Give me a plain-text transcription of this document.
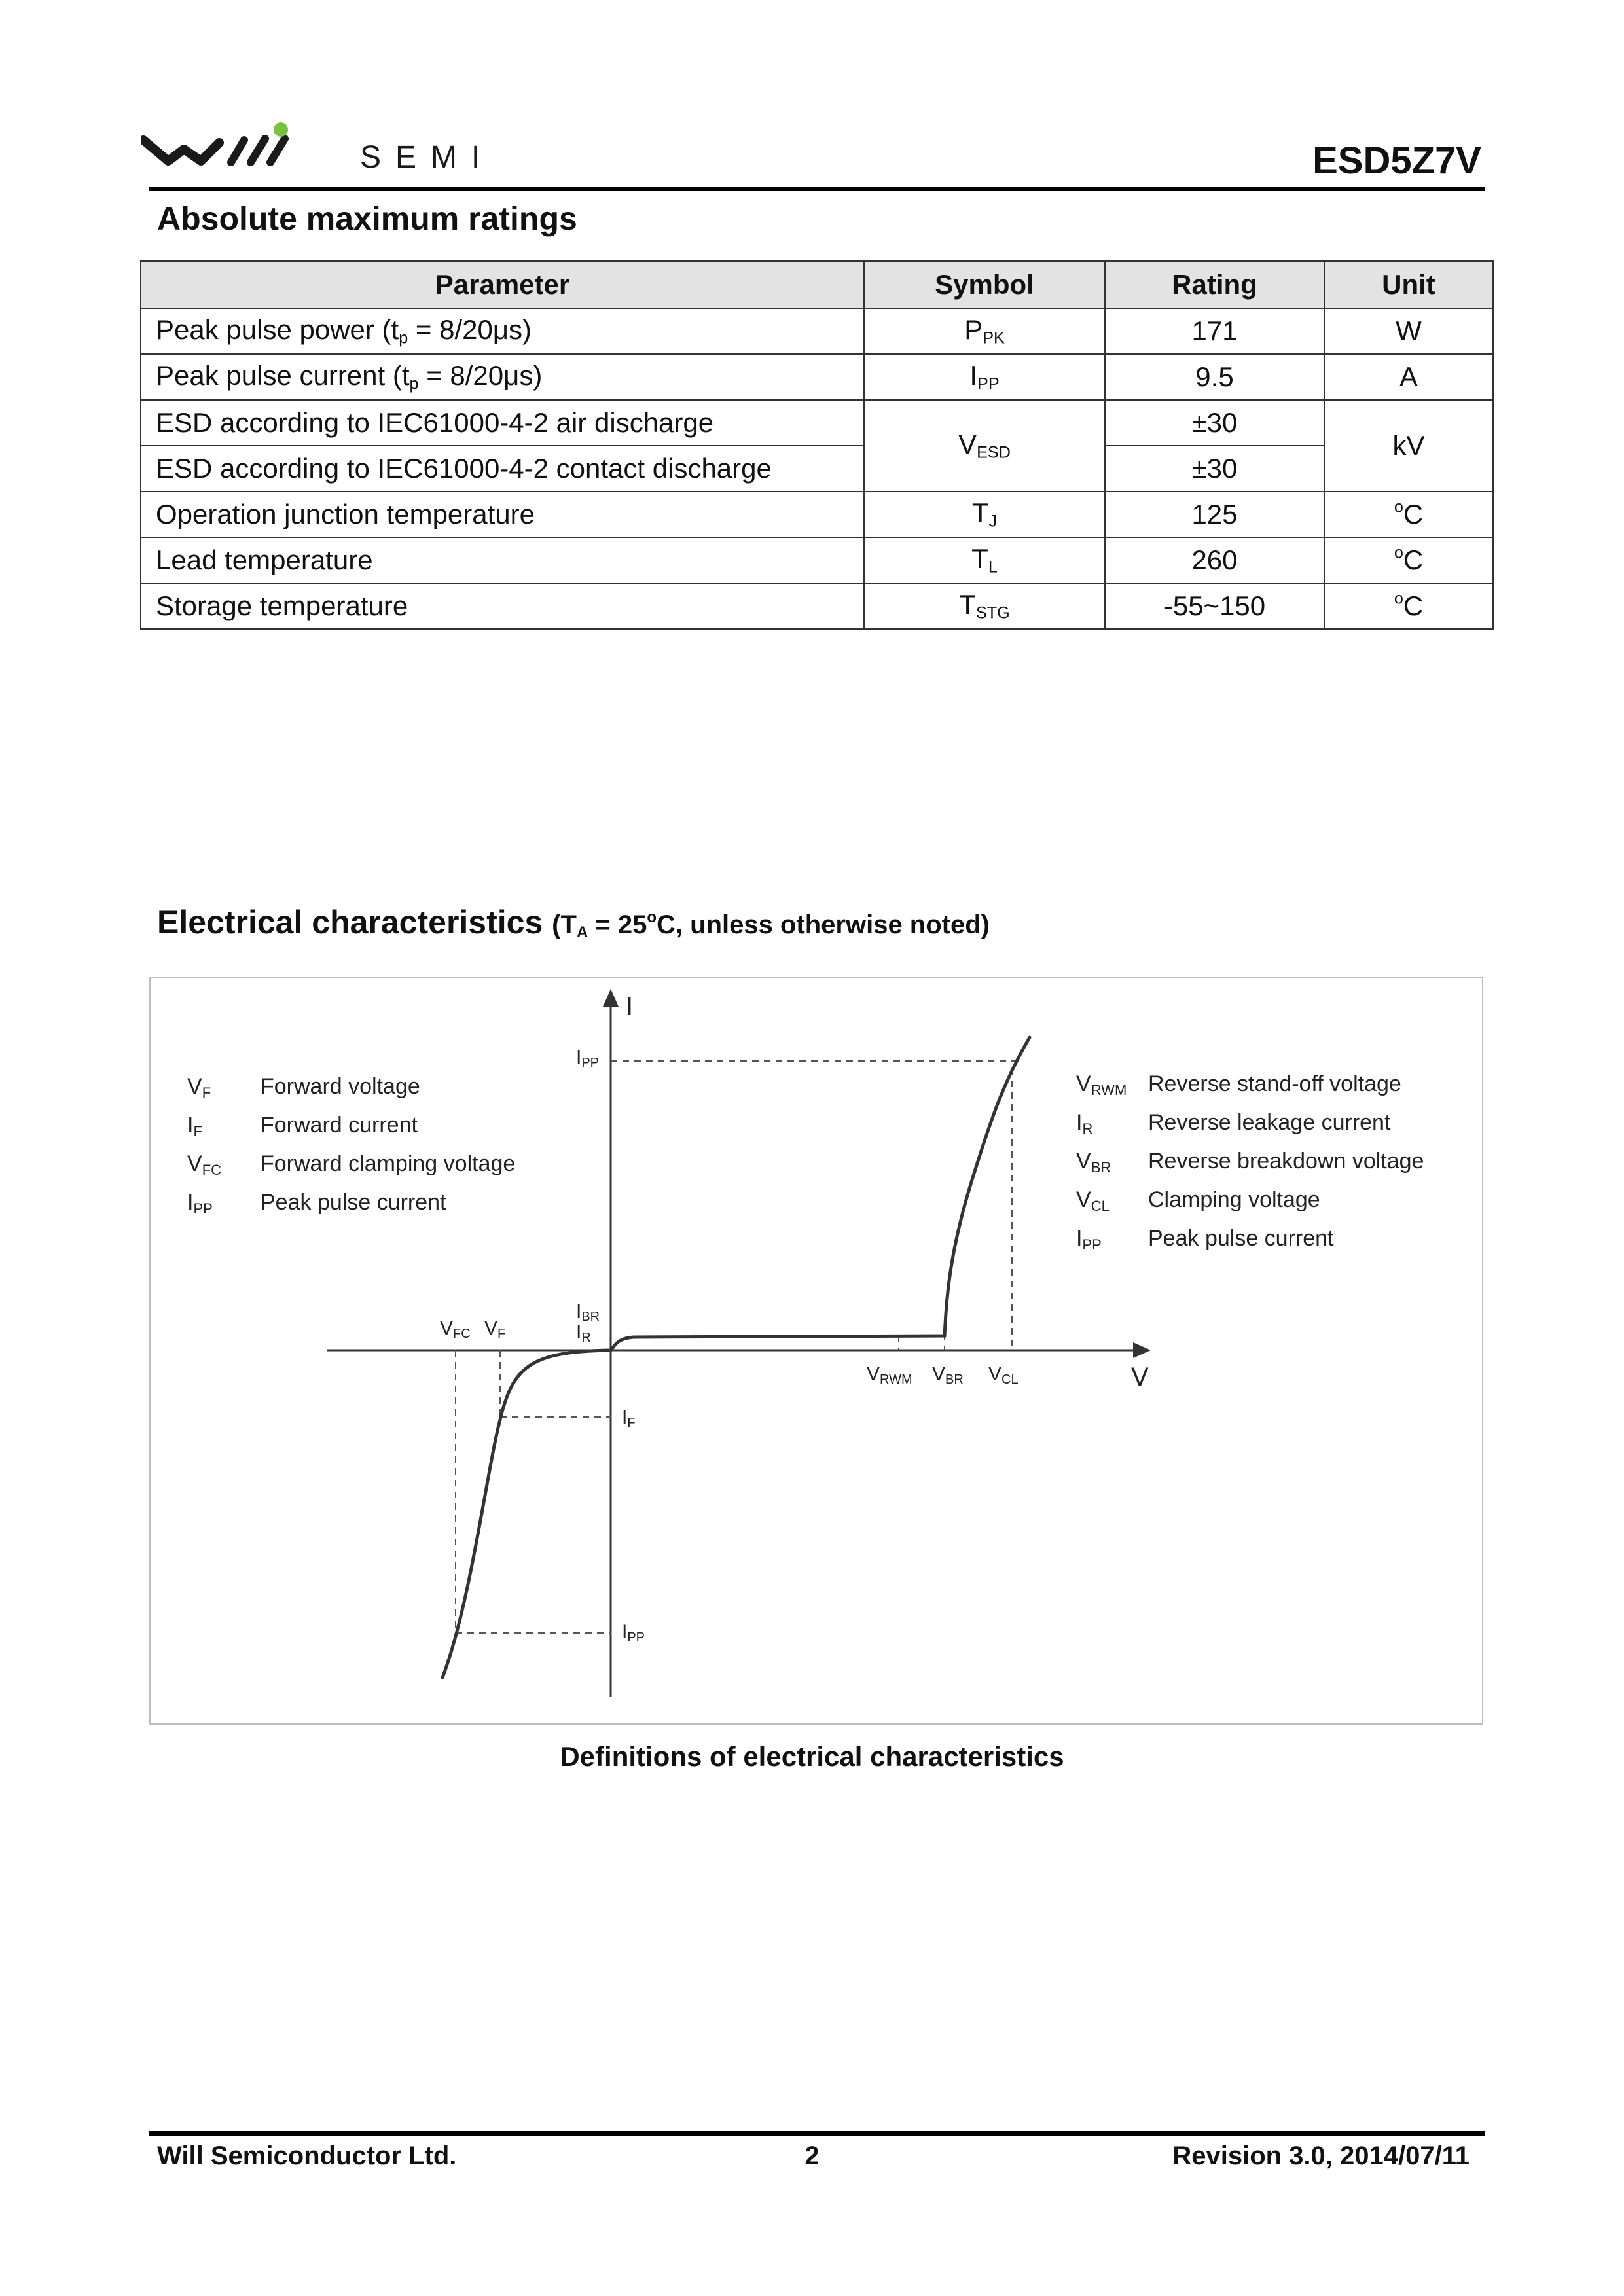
SEMI	ESD5Z7V
Absolute maximum ratings
Parameter	Symbol	Rating	Unit
Peak pulse power $(t_p = 8/20\mu s)$	$P_{PK}$	171	W
Peak pulse current $(t_p = 8/20\mu s)$	$I_{PP}$	9.5	A
ESD according to IEC61000-4-2 air discharge	$V_{ESD}$	±30	kV
ESD according to IEC61000-4-2 contact discharge		±30	
Operation junction temperature	$T_J$	125	$^o$C
Lead temperature	$T_L$	260	$^o$C
Storage temperature	$T_{STG}$	-55~150	$^o$C
Electrical characteristics ($T_A = 25^oC$, unless otherwise noted)
I
V
VF Forward voltage
IF	Forward current
VFC Forward clamping voltage
IPP Peak pulse current
VRWM Reverse stand-off voltage
IR Reverse leakage current
VBR Reverse breakdown voltage
VCL Clamping voltage
IPP Peak pulse current
IPP
IBR
IR
VFC VF
VRWM VBR VCL
IF
IPP
Definitions of electrical characteristics
Will Semiconductor Ltd.	2	Revision 3.0, 2014/07/11
